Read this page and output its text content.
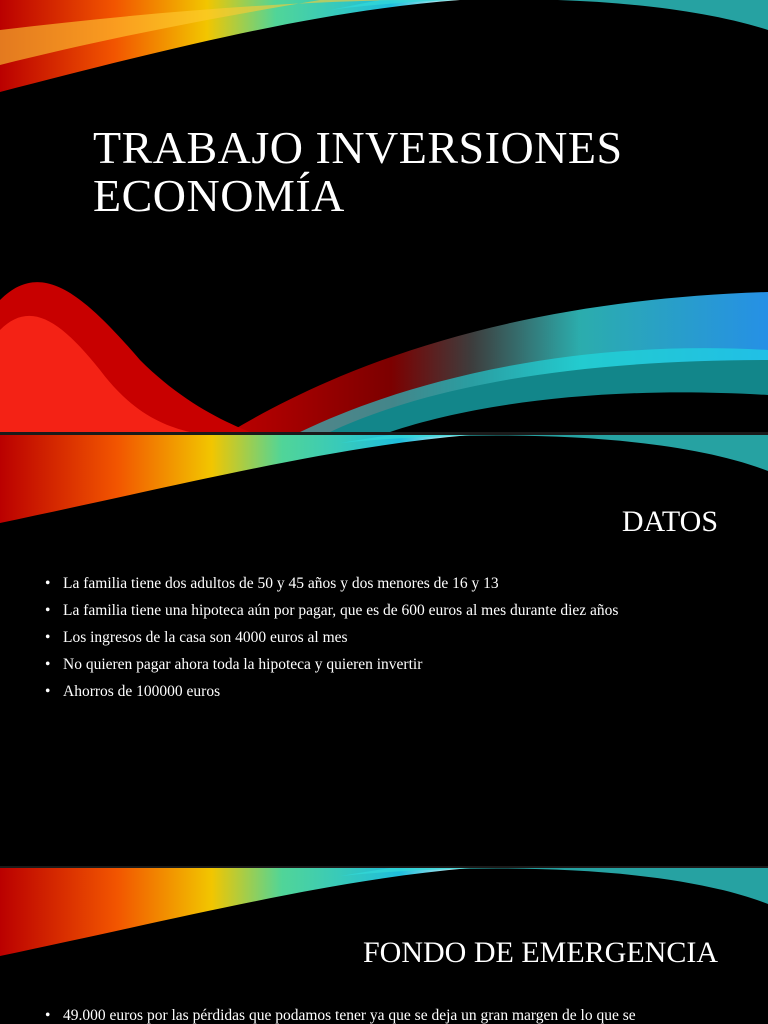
TRABAJO INVERSIONES
ECONOMÍA
DATOS
• La familia tiene dos adultos de 50 y 45 años y dos menores de 16 y 13
• La familia tiene una hipoteca aún por pagar, que es de 600 euros al mes durante diez años
• Los ingresos de la casa son 4000 euros al mes
• No quieren pagar ahora toda la hipoteca y quieren invertir
• Ahorros de 100000 euros
FONDO DE EMERGENCIA
• 49.000 euros por las pérdidas que podamos tener ya que se deja un gran margen de lo que se
